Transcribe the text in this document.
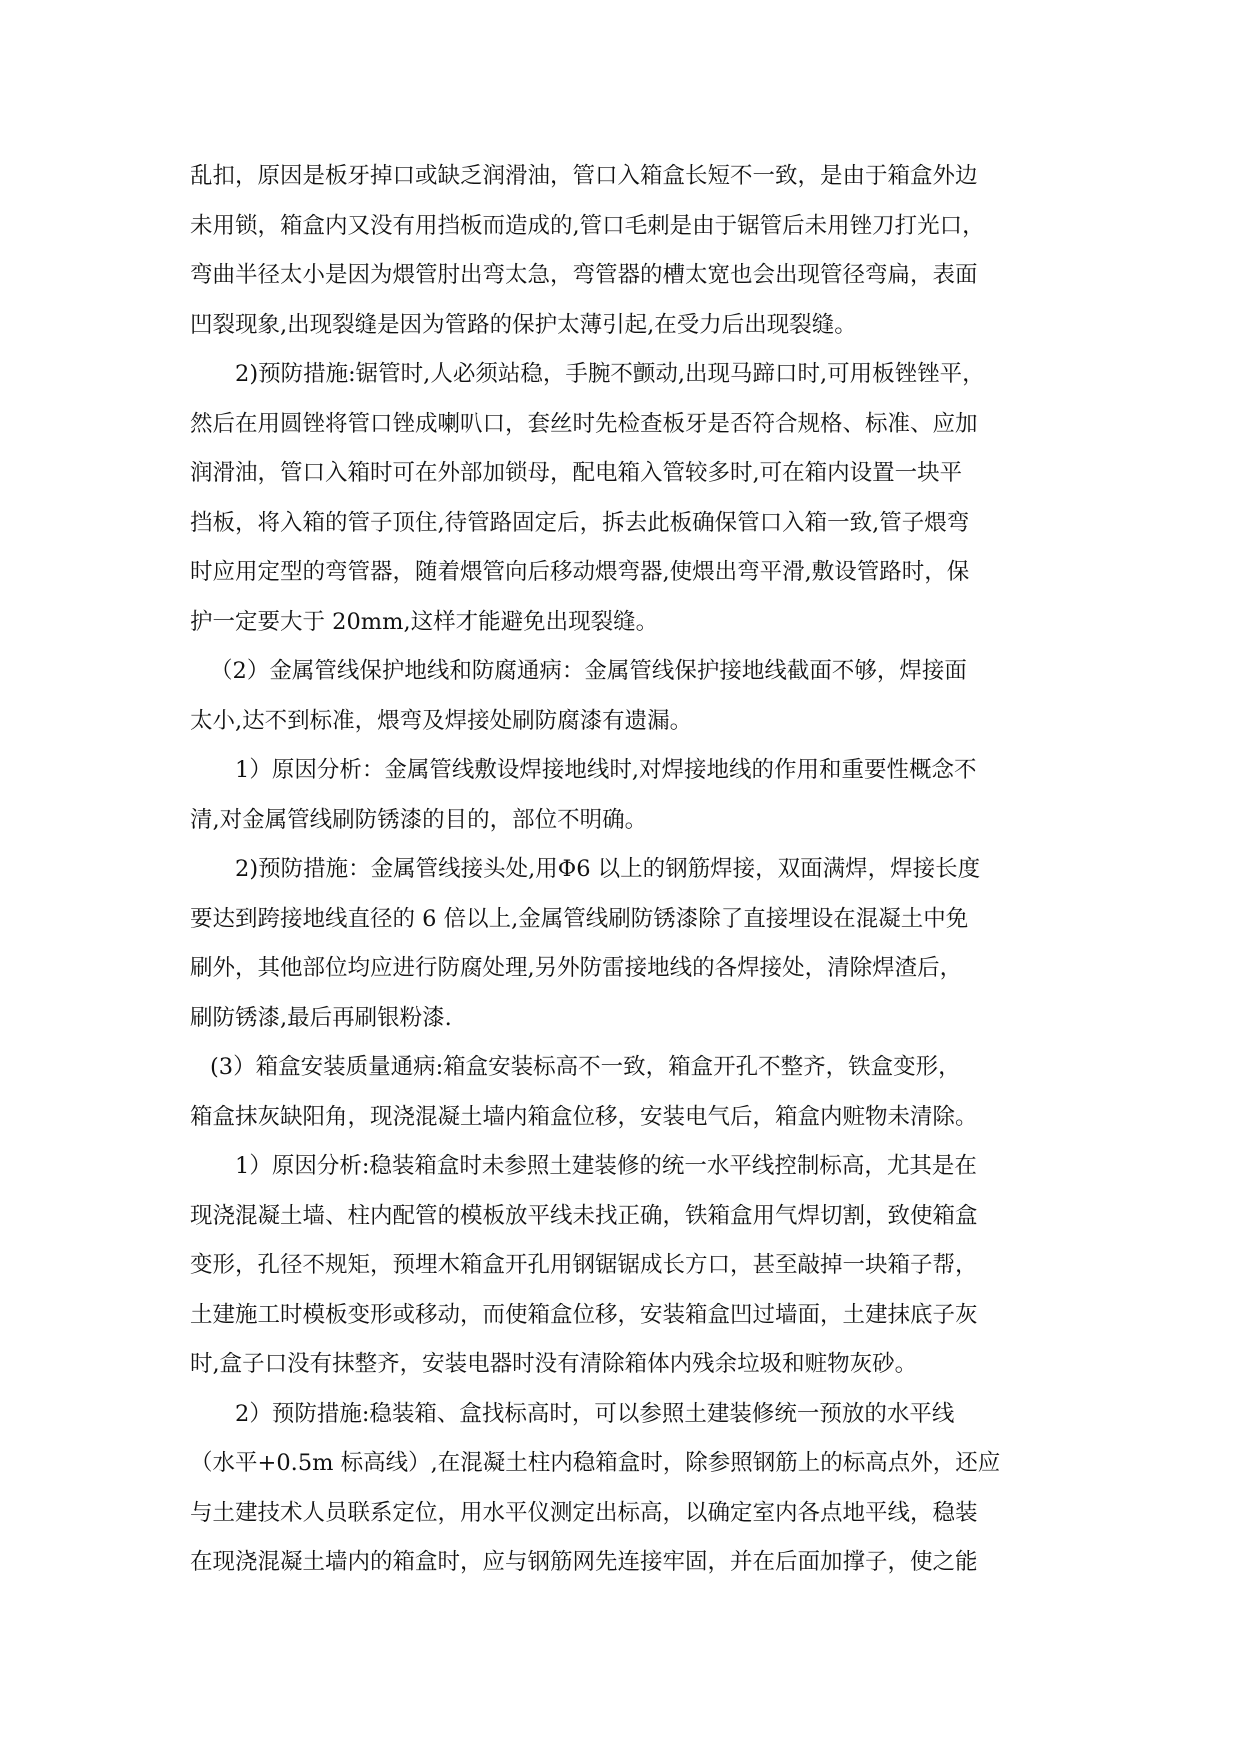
乱扣，原因是板牙掉口或缺乏润滑油，管口入箱盒长短不一致，是由于箱盒外边
未用锁，箱盒内又没有用挡板而造成的,管口毛刺是由于锯管后未用锉刀打光口，
弯曲半径太小是因为煨管肘出弯太急，弯管器的槽太宽也会出现管径弯扁，表面
凹裂现象,出现裂缝是因为管路的保护太薄引起,在受力后出现裂缝。
2)预防措施:锯管时,人必须站稳，手腕不颤动,出现马蹄口时,可用板锉锉平，
然后在用圆锉将管口锉成喇叭口，套丝时先检查板牙是否符合规格、标准、应加
润滑油，管口入箱时可在外部加锁母，配电箱入管较多时,可在箱内设置一块平
挡板，将入箱的管子顶住,待管路固定后，拆去此板确保管口入箱一致,管子煨弯
时应用定型的弯管器，随着煨管向后移动煨弯器,使煨出弯平滑,敷设管路时，保
护一定要大于 20mm,这样才能避免出现裂缝。
（2）金属管线保护地线和防腐通病：金属管线保护接地线截面不够，焊接面
太小,达不到标准，煨弯及焊接处刷防腐漆有遗漏。
1）原因分析：金属管线敷设焊接地线时,对焊接地线的作用和重要性概念不
清,对金属管线刷防锈漆的目的，部位不明确。
2)预防措施：金属管线接头处,用Φ6 以上的钢筋焊接，双面满焊，焊接长度
要达到跨接地线直径的 6 倍以上,金属管线刷防锈漆除了直接埋设在混凝土中免
刷外，其他部位均应进行防腐处理,另外防雷接地线的各焊接处，清除焊渣后，
刷防锈漆,最后再刷银粉漆.
(3）箱盒安装质量通病:箱盒安装标高不一致，箱盒开孔不整齐，铁盒变形，
箱盒抹灰缺阳角，现浇混凝土墙内箱盒位移，安装电气后，箱盒内赃物未清除。
1）原因分析:稳装箱盒时未参照土建装修的统一水平线控制标高，尤其是在
现浇混凝土墙、柱内配管的模板放平线未找正确，铁箱盒用气焊切割，致使箱盒
变形，孔径不规矩，预埋木箱盒开孔用钢锯锯成长方口，甚至敲掉一块箱子帮，
土建施工时模板变形或移动，而使箱盒位移，安装箱盒凹过墙面，土建抹底子灰
时,盒子口没有抹整齐，安装电器时没有清除箱体内残余垃圾和赃物灰砂。
2）预防措施:稳装箱、盒找标高时，可以参照土建装修统一预放的水平线
（水平+0.5m 标高线）,在混凝土柱内稳箱盒时，除参照钢筋上的标高点外，还应
与土建技术人员联系定位，用水平仪测定出标高，以确定室内各点地平线，稳装
在现浇混凝土墙内的箱盒时，应与钢筋网先连接牢固，并在后面加撑子，使之能
